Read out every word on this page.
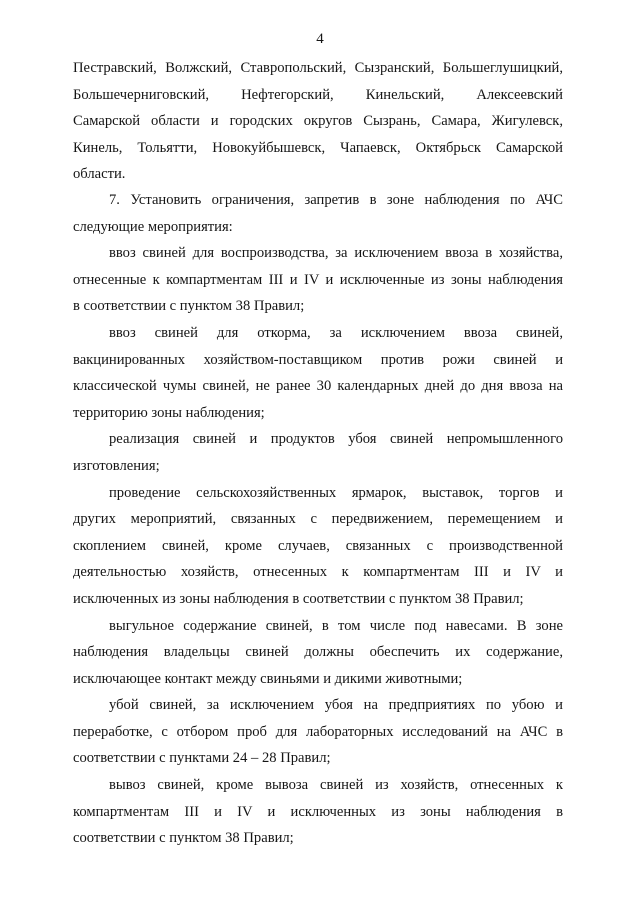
4
Пестравский, Волжский, Ставропольский, Сызранский, Большеглушицкий,
Большечерниговский, Нефтегорский, Кинельский, Алексеевский
Самарской области и городских округов Сызрань, Самара, Жигулевск,
Кинель, Тольятти, Новокуйбышевск, Чапаевск, Октябрьск Самарской
области.
7. Установить ограничения, запретив в зоне наблюдения по АЧС
следующие мероприятия:
ввоз свиней для воспроизводства, за исключением ввоза в хозяйства,
отнесенные к компартментам III и IV и исключенные из зоны наблюдения
в соответствии с пунктом 38 Правил;
ввоз свиней для откорма, за исключением ввоза свиней,
вакцинированных хозяйством-поставщиком против рожи свиней и
классической чумы свиней, не ранее 30 календарных дней до дня ввоза на
территорию зоны наблюдения;
реализация свиней и продуктов убоя свиней непромышленного
изготовления;
проведение сельскохозяйственных ярмарок, выставок, торгов и
других мероприятий, связанных с передвижением, перемещением и
скоплением свиней, кроме случаев, связанных с производственной
деятельностью хозяйств, отнесенных к компартментам III и IV и
исключенных из зоны наблюдения в соответствии с пунктом 38 Правил;
выгульное содержание свиней, в том числе под навесами. В зоне
наблюдения владельцы свиней должны обеспечить их содержание,
исключающее контакт между свиньями и дикими животными;
убой свиней, за исключением убоя на предприятиях по убою и
переработке, с отбором проб для лабораторных исследований на АЧС в
соответствии с пунктами 24 – 28 Правил;
вывоз свиней, кроме вывоза свиней из хозяйств, отнесенных к
компартментам III и IV и исключенных из зоны наблюдения в
соответствии с пунктом 38 Правил;
